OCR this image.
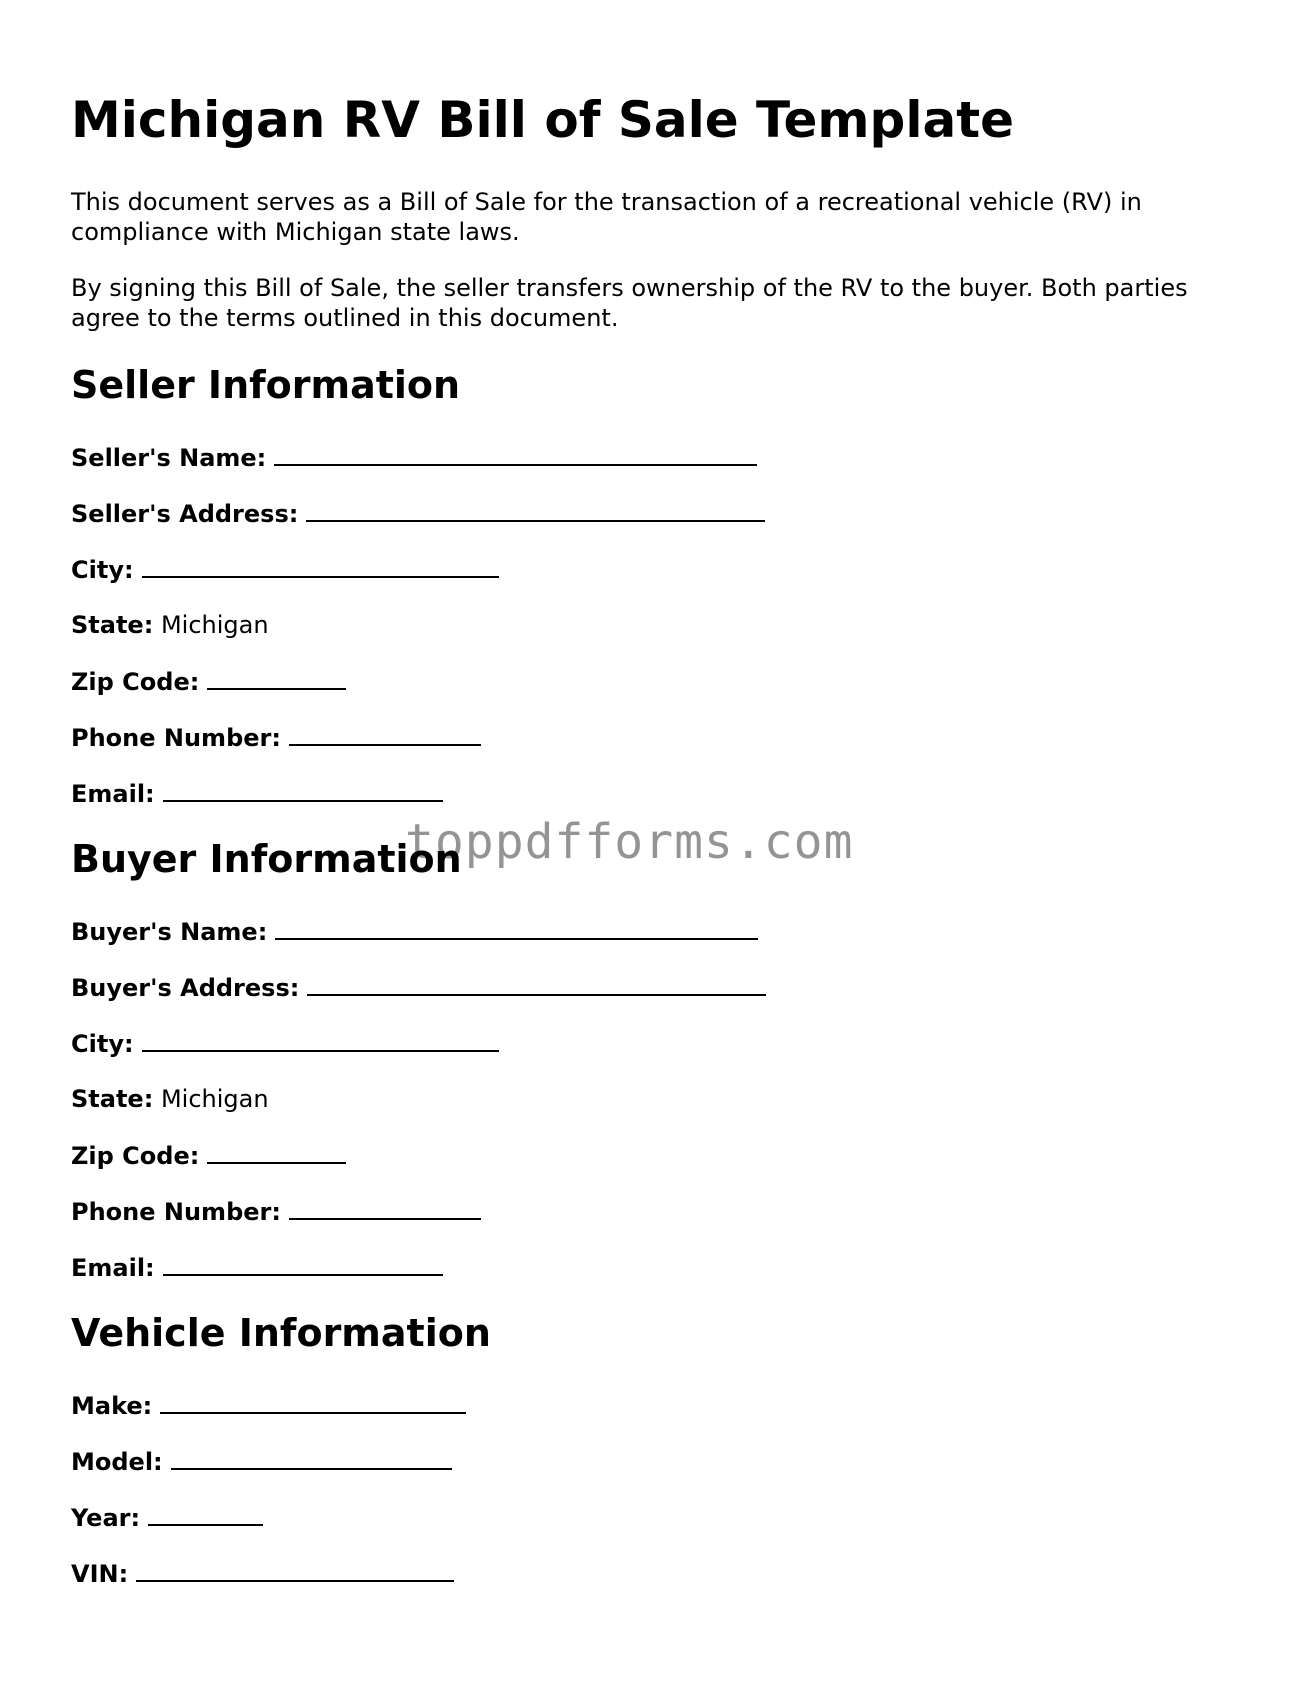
Michigan RV Bill of Sale Template

This document serves as a Bill of Sale for the transaction of a recreational vehicle (RV) in compliance with Michigan state laws.

By signing this Bill of Sale, the seller transfers ownership of the RV to the buyer. Both parties agree to the terms outlined in this document.

Seller Information

Seller's Name:

Seller's Address:

City:

State: Michigan

Zip Code:

Phone Number:

Email:

Buyer Information

Buyer's Name:

Buyer's Address:

City:

State: Michigan

Zip Code:

Phone Number:

Email:

Vehicle Information

Make:

Model:

Year:

VIN:

toppdfforms.com
